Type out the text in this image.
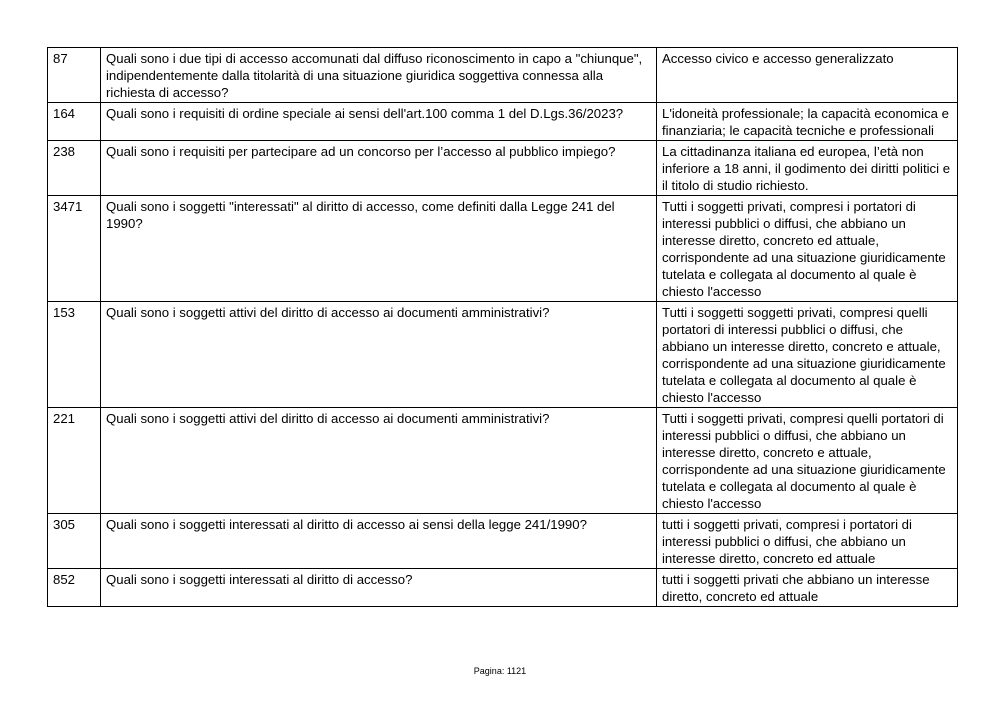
87	Quali sono i due tipi di accesso accomunati dal diffuso riconoscimento in capo a "chiunque", indipendentemente dalla titolarità di una situazione giuridica soggettiva connessa alla richiesta di accesso?	Accesso civico e accesso generalizzato
164	Quali sono i requisiti di ordine speciale ai sensi dell'art.100 comma 1 del D.Lgs.36/2023?	L'idoneità professionale; la capacità economica e finanziaria; le capacità tecniche e professionali
238	Quali sono i requisiti per partecipare ad un concorso per l’accesso al pubblico impiego?	La cittadinanza italiana ed europea, l’età non inferiore a 18 anni, il godimento dei diritti politici e il titolo di studio richiesto.
3471	Quali sono i soggetti "interessati" al diritto di accesso, come definiti dalla Legge 241 del 1990?	Tutti i soggetti privati, compresi i portatori di interessi pubblici o diffusi, che abbiano un interesse diretto, concreto ed attuale, corrispondente ad una situazione giuridicamente tutelata e collegata al documento al quale è chiesto l'accesso
153	Quali sono i soggetti attivi del diritto di accesso ai documenti amministrativi?	Tutti i soggetti soggetti privati, compresi quelli portatori di interessi pubblici o diffusi, che abbiano un interesse diretto, concreto e attuale, corrispondente ad una situazione giuridicamente tutelata e collegata al documento al quale è chiesto l'accesso
221	Quali sono i soggetti attivi del diritto di accesso ai documenti amministrativi?	Tutti i soggetti privati, compresi quelli portatori di interessi pubblici o diffusi, che abbiano un interesse diretto, concreto e attuale, corrispondente ad una situazione giuridicamente tutelata e collegata al documento al quale è chiesto l'accesso
305	Quali sono i soggetti interessati al diritto di accesso ai sensi della legge 241/1990?	tutti i soggetti privati, compresi i portatori di interessi pubblici o diffusi, che abbiano un interesse diretto, concreto ed attuale
852	Quali sono i soggetti interessati al diritto di accesso?	tutti i soggetti privati che abbiano un interesse diretto, concreto ed attuale
Pagina: 1121
